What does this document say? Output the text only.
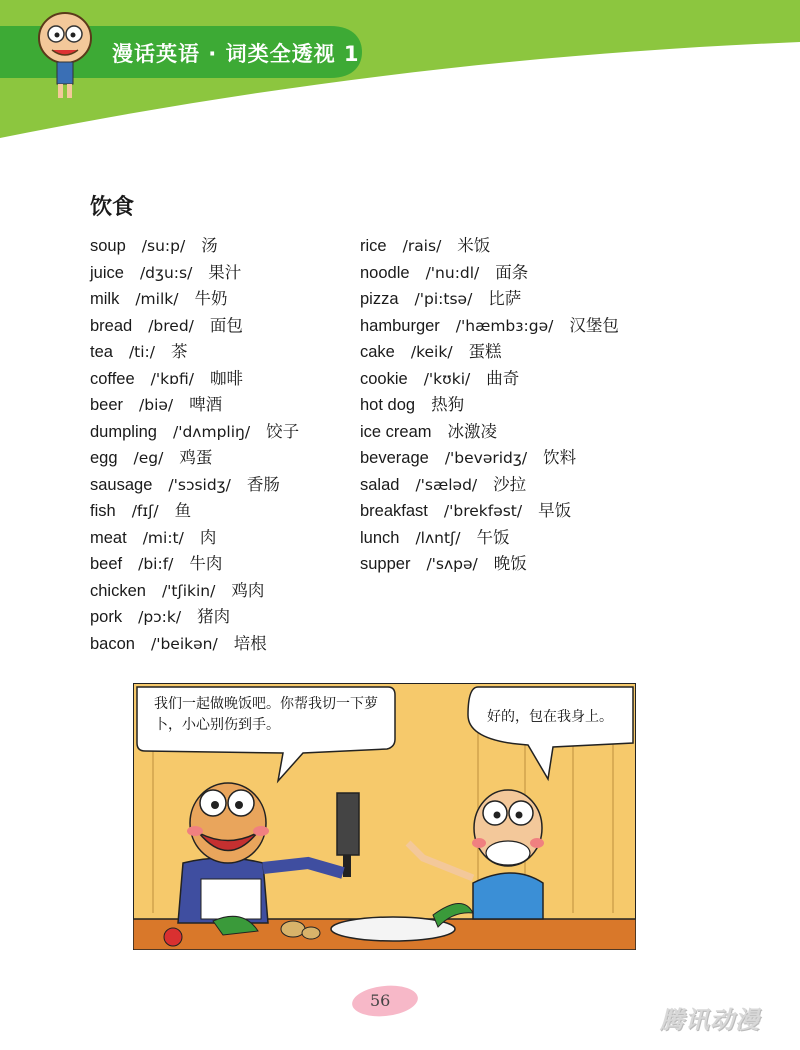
漫话英语 · 词类全透视 1
饮食
soup /su:p/ 汤
juice /dʒu:s/ 果汁
milk /milk/ 牛奶
bread /bred/ 面包
tea /ti:/ 茶
coffee /'kɒfi/ 咖啡
beer /biə/ 啤酒
dumpling /'dʌmpliŋ/ 饺子
egg /eg/ 鸡蛋
sausage /'sɔsidʒ/ 香肠
fish /fɪʃ/ 鱼
meat /mi:t/ 肉
beef /bi:f/ 牛肉
chicken /'tʃikin/ 鸡肉
pork /pɔ:k/ 猪肉
bacon /'beikən/ 培根
rice /rais/ 米饭
noodle /'nu:dl/ 面条
pizza /'pi:tsə/ 比萨
hamburger /'hæmbɜ:gə/ 汉堡包
cake /keik/ 蛋糕
cookie /'kʊki/ 曲奇
hot dog 热狗
ice cream 冰激凌
beverage /'bevəridʒ/ 饮料
salad /'sæləd/ 沙拉
breakfast /'brekfəst/ 早饭
lunch /lʌntʃ/ 午饭
supper /'sʌpə/ 晚饭
我们一起做晚饭吧。你帮我切一下萝卜，小心别伤到手。	好的，包在我身上。
56
腾讯动漫
